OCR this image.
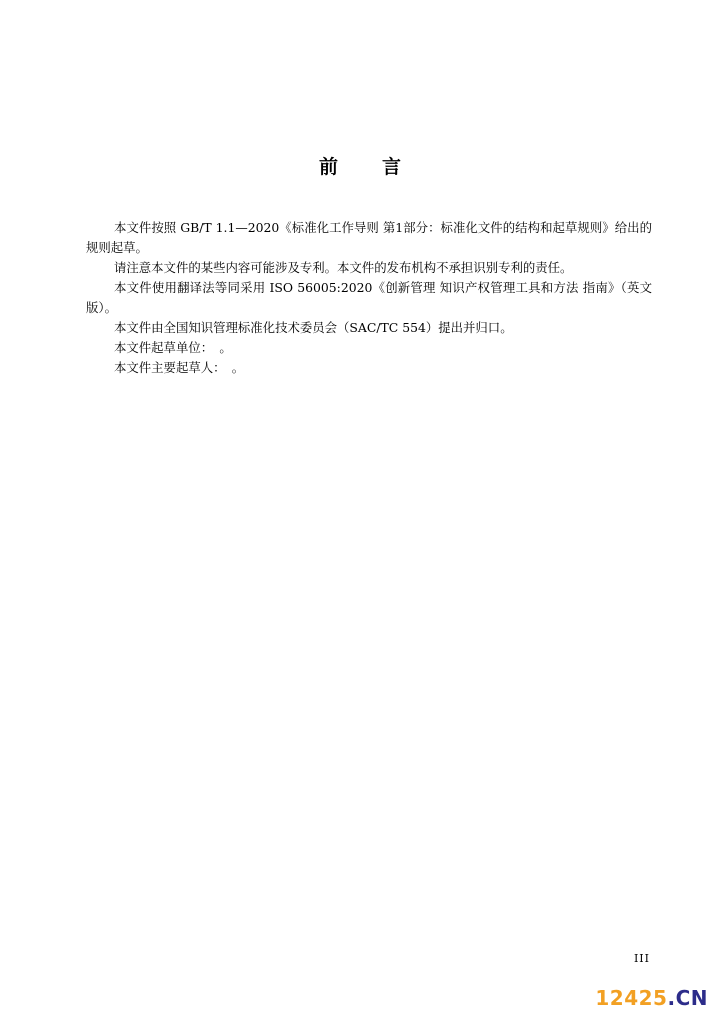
前 言

本文件按照 GB/T 1.1—2020《标准化工作导则 第1部分：标准化文件的结构和起草规则》给出的规则起草。

请注意本文件的某些内容可能涉及专利。本文件的发布机构不承担识别专利的责任。

本文件使用翻译法等同采用 ISO 56005:2020《创新管理 知识产权管理工具和方法 指南》（英文版）。

本文件由全国知识管理标准化技术委员会（SAC/TC 554）提出并归口。

本文件起草单位：　。

本文件主要起草人：　。

III
12425.CN
